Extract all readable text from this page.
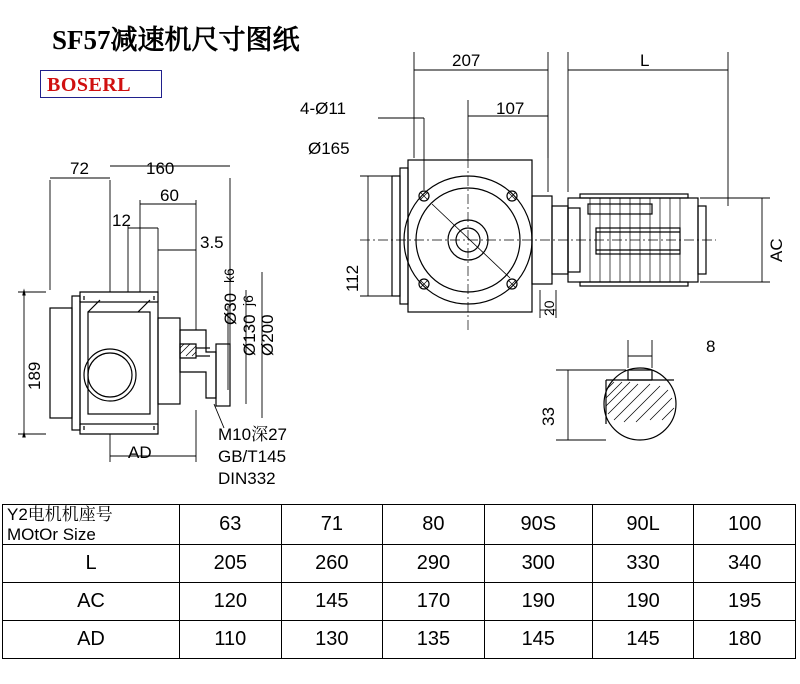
SF57减速机尺寸图纸
BOSERL
72	160
60
12
3.5
189
AD
Ø30
k6
Ø130
j6
Ø200
M10深27
GB/T145
DIN332
207	L
4-Ø11	107
Ø165
112
20
AC
8
33
Y2电机机座号
MOtOr Size	63	71	80	90S	90L	100
L	205	260	290	300	330	340
AC	120	145	170	190	190	195
AD	110	130	135	145	145	180
